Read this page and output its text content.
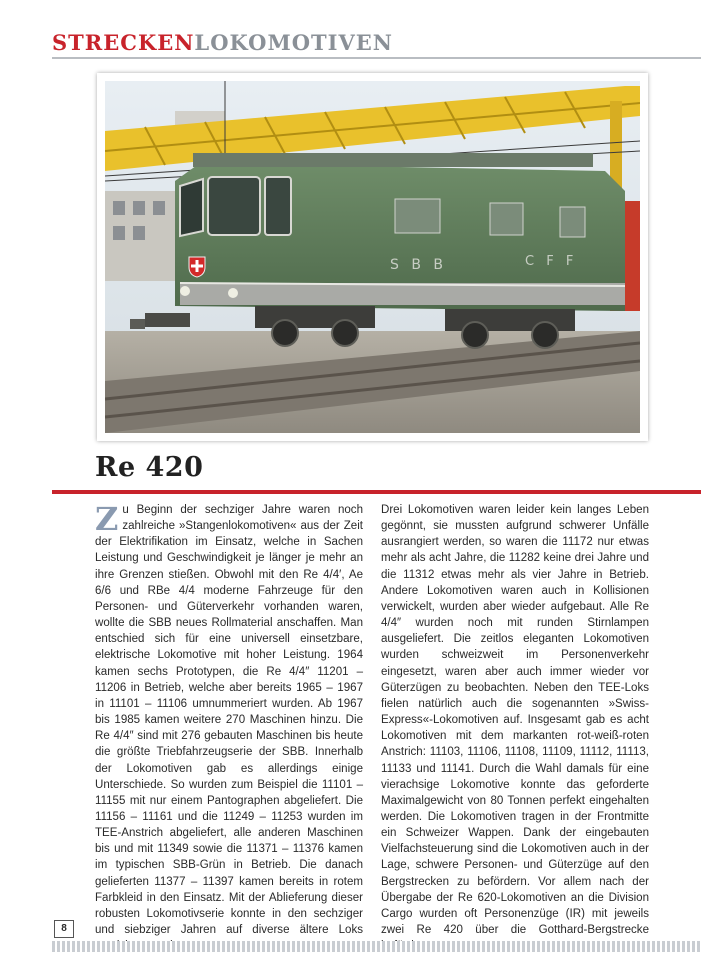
STRECKENLOKOMOTIVEN
S B B	C F F
Re 420
Zu Beginn der sechziger Jahre waren noch zahlreiche »Stangenlokomotiven« aus der Zeit der Elektrifikation im Einsatz, welche in Sachen Leistung und Geschwindigkeit je länger je mehr an ihre Grenzen stießen. Obwohl mit den Re 4/4′, Ae 6/6 und RBe 4/4 moderne Fahrzeuge für den Personen- und Güterverkehr vorhanden waren, wollte die SBB neues Rollmaterial anschaffen. Man entschied sich für eine universell einsetzbare, elektrische Lokomotive mit hoher Leistung. 1964 kamen sechs Prototypen, die Re 4/4″ 11201 – 11206 in Betrieb, welche aber bereits 1965 – 1967 in 11101 – 11106 umnummeriert wurden. Ab 1967 bis 1985 kamen weitere 270 Maschinen hinzu. Die Re 4/4″ sind mit 276 gebauten Maschinen bis heute die größte Triebfahrzeugserie der SBB. Innerhalb der Lokomotiven gab es allerdings einige Unterschiede. So wurden zum Beispiel die 11101 – 11155 mit nur einem Pantographen abgeliefert. Die 11156 – 11161 und die 11249 – 11253 wurden im TEE-Anstrich abgeliefert, alle anderen Maschinen bis und mit 11349 sowie die 11371 – 11376 kamen im typischen SBB-Grün in Betrieb. Die danach gelieferten 11377 – 11397 kamen bereits in rotem Farbkleid in den Einsatz. Mit der Ablieferung dieser robusten Lokomotivserie konnte in den sechziger und siebziger Jahren auf diverse ältere Loks
Drei Lokomotiven waren leider kein langes Leben gegönnt, sie mussten aufgrund schwerer Unfälle ausrangiert werden, so waren die 11172 nur etwas mehr als acht Jahre, die 11282 keine drei Jahre und die 11312 etwas mehr als vier Jahre in Betrieb. Andere Lokomotiven waren auch in Kollisionen verwickelt, wurden aber wieder aufgebaut. Alle Re 4/4″ wurden noch mit runden Stirnlampen ausgeliefert. Die zeitlos eleganten Lokomotiven wurden schweizweit im Personenverkehr eingesetzt, waren aber auch immer wieder vor Güterzügen zu beobachten. Neben den TEE-Loks fielen natürlich auch die sogenannten »Swiss-Express«-Lokomotiven auf. Insgesamt gab es acht Lokomotiven mit dem markanten rot-weiß-roten Anstrich: 11103, 11106, 11108, 11109, 11112, 11113, 11133 und 11141. Durch die Wahl damals für eine vierachsige Lokomotive konnte das geforderte Maximalgewicht von 80 Tonnen perfekt eingehalten werden. Die Lokomotiven tragen in der Frontmitte ein Schweizer Wappen. Dank der eingebauten Vielfachsteuerung sind die Lokomotiven auch in der Lage, schwere Personen- und Güterzüge auf den Bergstrecken zu befördern. Vor allem nach der Übergabe der Re 620-Lokomotiven an die Division Cargo wurden oft Personenzüge (IR) mit jeweils zwei Re 420 über die Gotthard-Bergstrecke
8
